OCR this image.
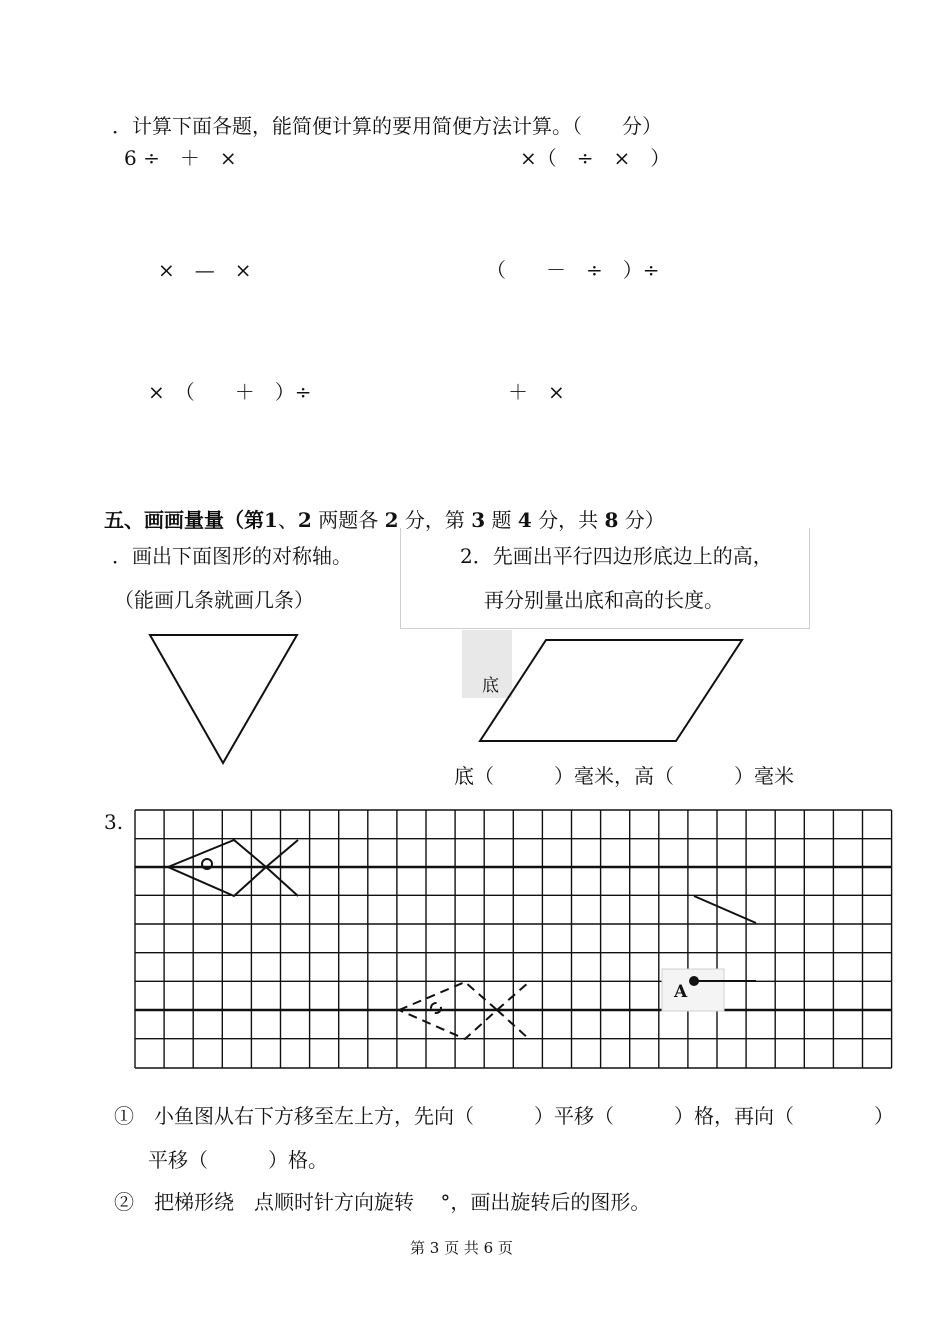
．计算下面各题，能简便计算的要用简便方法计算。（　　分）
6 ÷　＋　×	×（　÷　×　）
×　—　×	（　　－　÷　）÷
×　（　　＋　）÷	＋　×
五、画画量量（第1、2 两题各 2 分，第 3 题 4 分，共 8 分）
．画出下面图形的对称轴。
（能画几条就画几条）
2．先画出平行四边形底边上的高，
再分别量出底和高的长度。
底
底（　　　）毫米，高（　　　）毫米
3.
A
①　小鱼图从右下方移至左上方，先向（　　　）平移（　　　）格，再向（　　　　）
平移（　　　）格。
②　把梯形绕　点顺时针方向旋转　 °，画出旋转后的图形。
第 3 页 共 6 页
